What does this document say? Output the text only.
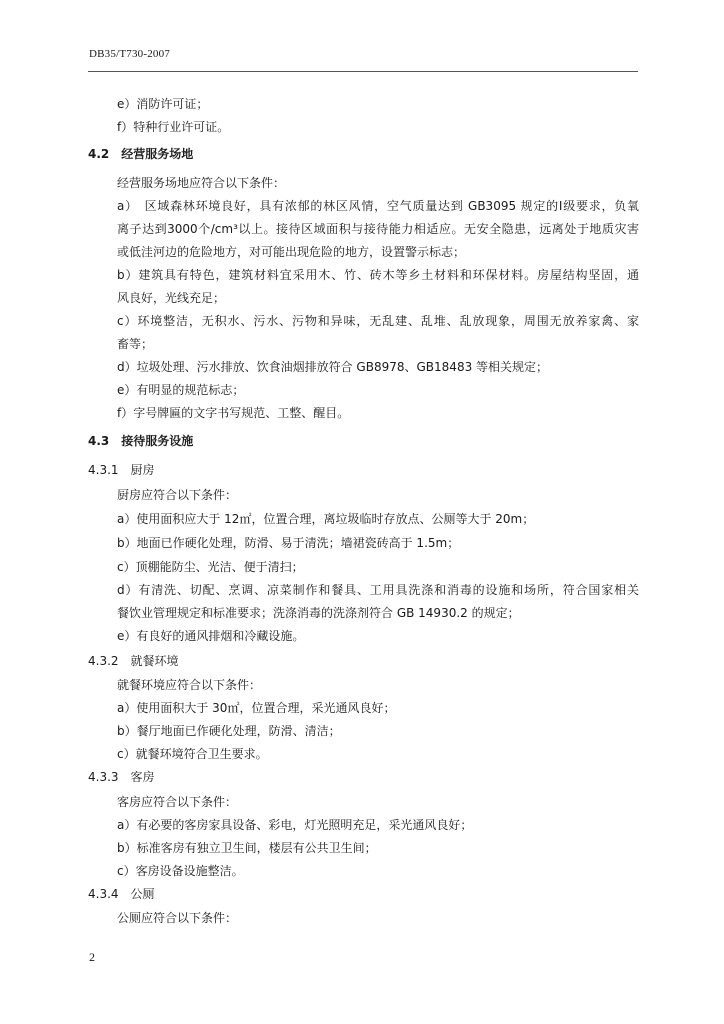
DB35/T730-2007
e）消防许可证；
f）特种行业许可证。
4.2　经营服务场地
经营服务场地应符合以下条件：
a）　区域森林环境良好，具有浓郁的林区风情，空气质量达到 GB3095 规定的Ⅰ级要求，负氧
离子达到3000个/cm³以上。接待区域面积与接待能力相适应。无安全隐患，远离处于地质灾害
或低洼河边的危险地方，对可能出现危险的地方，设置警示标志；
b）建筑具有特色，建筑材料宜采用木、竹、砖木等乡土材料和环保材料。房屋结构坚固，通
风良好，光线充足；
c）环境整洁，无积水、污水、污物和异味，无乱建、乱堆、乱放现象，周围无放养家禽、家
畜等；
d）垃圾处理、污水排放、饮食油烟排放符合 GB8978、GB18483 等相关规定；
e）有明显的规范标志；
f）字号牌匾的文字书写规范、工整、醒目。
4.3　接待服务设施
4.3.1　厨房
厨房应符合以下条件：
a）使用面积应大于 12㎡，位置合理，离垃圾临时存放点、公厕等大于 20m；
b）地面已作硬化处理，防滑、易于清洗；墙裙瓷砖高于 1.5m；
c）顶棚能防尘、光洁、便于清扫；
d）有清洗、切配、烹调、凉菜制作和餐具、工用具洗涤和消毒的设施和场所，符合国家相关
餐饮业管理规定和标准要求；洗涤消毒的洗涤剂符合 GB 14930.2 的规定；
e）有良好的通风排烟和冷藏设施。
4.3.2　就餐环境
就餐环境应符合以下条件：
a）使用面积大于 30㎡，位置合理，采光通风良好；
b）餐厅地面已作硬化处理，防滑、清洁；
c）就餐环境符合卫生要求。
4.3.3　客房
客房应符合以下条件：
a）有必要的客房家具设备、彩电，灯光照明充足，采光通风良好；
b）标准客房有独立卫生间，楼层有公共卫生间；
c）客房设备设施整洁。
4.3.4　公厕
公厕应符合以下条件：
2
